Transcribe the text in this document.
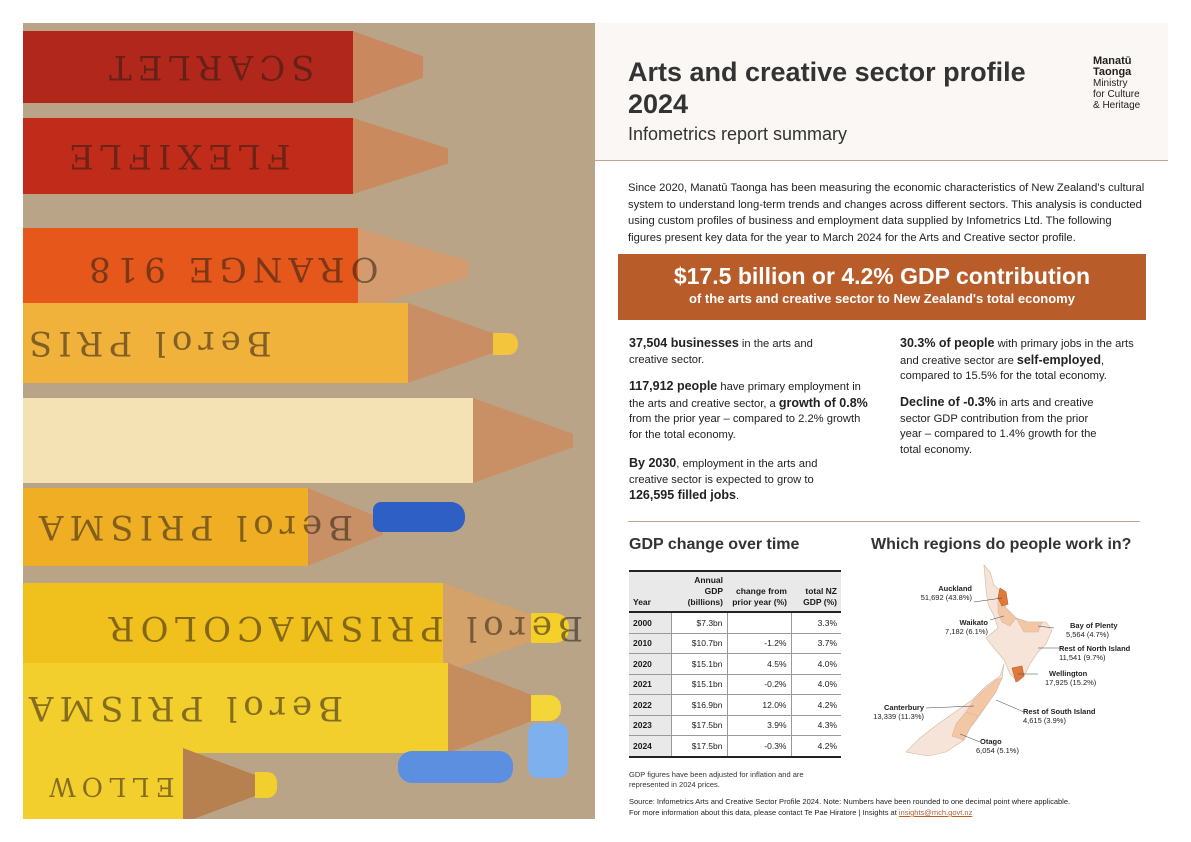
SCARLET
FLEXIFLE
ORANGE 918
Berol PRIS
Berol PRISMA
Berol PRISMACOLOR
Berol PRISMA
ELLOW
Arts and creative sector profile 2024
Infometrics report summary
Manatū
Taonga
Ministry
for Culture
& Heritage
Since 2020, Manatū Taonga has been measuring the economic characteristics of New Zealand's cultural system to understand long-term trends and changes across different sectors. This analysis is conducted using custom profiles of business and employment data supplied by Infometrics Ltd. The following figures present key data for the year to March 2024 for the Arts and Creative sector profile.
$17.5 billion or 4.2% GDP contribution
of the arts and creative sector to New Zealand's total economy
37,504 businesses in the arts and creative sector.
117,912 people have primary employment in the arts and creative sector, a growth of 0.8% from the prior year – compared to 2.2% growth for the total economy.
By 2030, employment in the arts and creative sector is expected to grow to 126,595 filled jobs.
30.3% of people with primary jobs in the arts and creative sector are self-employed, compared to 15.5% for the total economy.
Decline of -0.3% in arts and creative sector GDP contribution from the prior year – compared to 1.4% growth for the total economy.
GDP change over time
Year	Annual GDP (billions)	change from prior year (%)	total NZ GDP (%)
2000	$7.3bn		3.3%
2010	$10.7bn	-1.2%	3.7%
2020	$15.1bn	4.5%	4.0%
2021	$15.1bn	-0.2%	4.0%
2022	$16.9bn	12.0%	4.2%
2023	$17.5bn	3.9%	4.3%
2024	$17.5bn	-0.3%	4.2%
GDP figures have been adjusted for inflation and are represented in 2024 prices.
Which regions do people work in?
Auckland
51,692 (43.8%)
Waikato
7,182 (6.1%)
Bay of Plenty
5,564 (4.7%)
Rest of North Island
11,541 (9.7%)
Wellington
17,925 (15.2%)
Canterbury
13,339 (11.3%)
Rest of South Island
4,615 (3.9%)
Otago
6,054 (5.1%)
Source: Infometrics Arts and Creative Sector Profile 2024. Note: Numbers have been rounded to one decimal point where applicable.
For more information about this data, please contact Te Pae Hiratore | Insights at insights@mch.govt.nz
